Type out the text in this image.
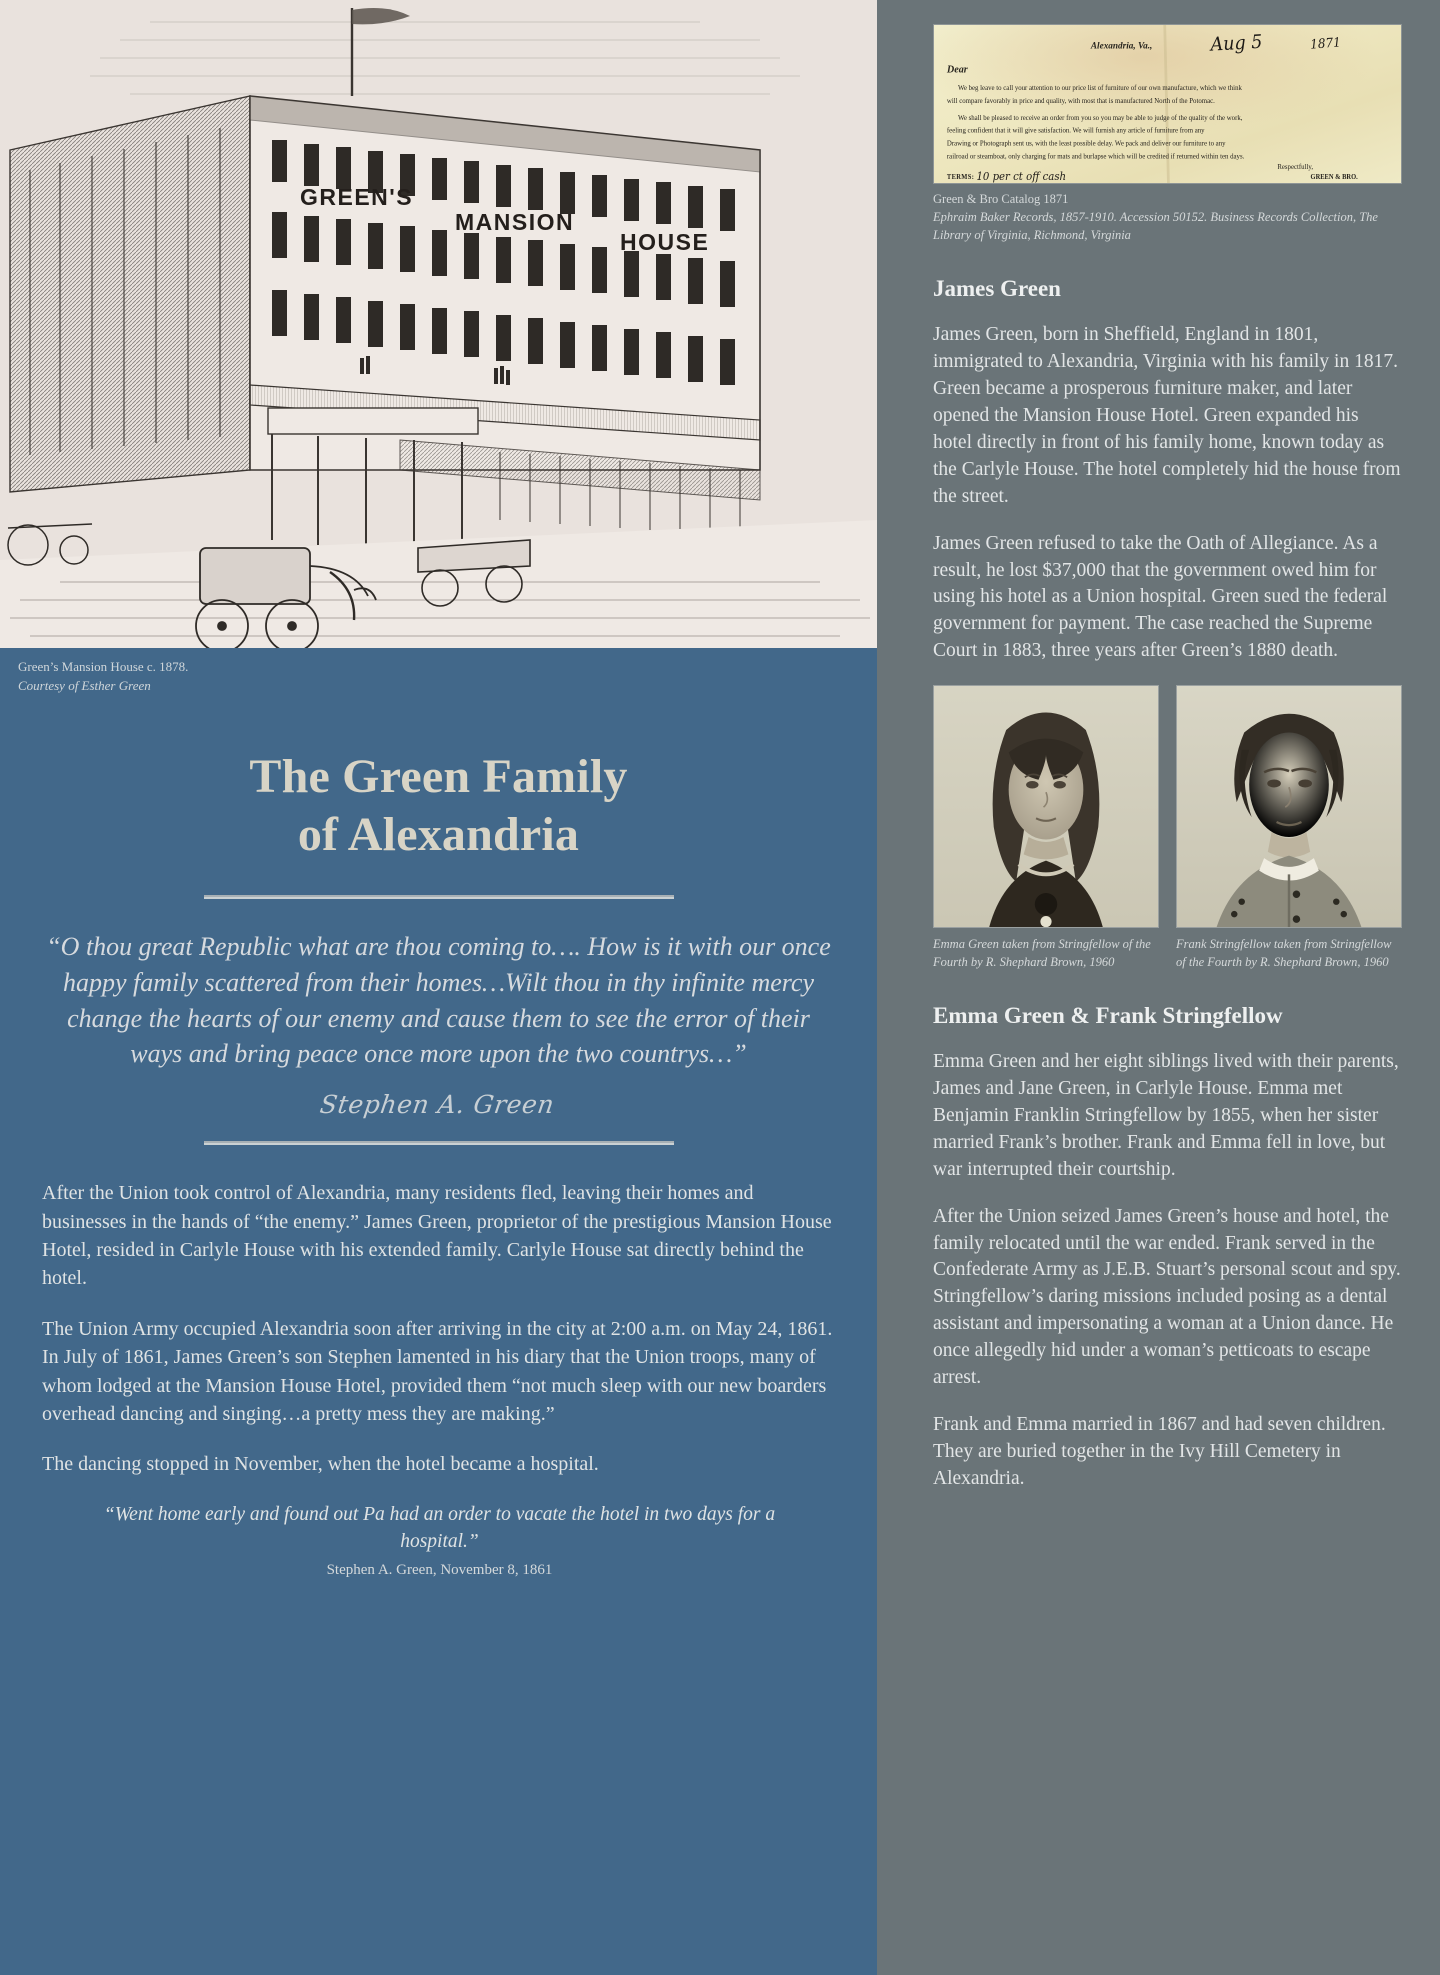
GREEN'S
MANSION
HOUSE
Green’s Mansion House c. 1878.
Courtesy of Esther Green
The Green Family
of Alexandria
“O thou great Republic what are thou coming to…. How is it with our once happy family scattered from their homes…Wilt thou in thy infinite mercy change the hearts of our enemy and cause them to see the error of their ways and bring peace once more upon the two countrys…”
Stephen A. Green

After the Union took control of Alexandria, many residents fled, leaving their homes and businesses in the hands of “the enemy.” James Green, proprietor of the prestigious Mansion House Hotel, resided in Carlyle House with his extended family. Carlyle House sat directly behind the hotel.

The Union Army occupied Alexandria soon after arriving in the city at 2:00 a.m. on May 24, 1861. In July of 1861, James Green’s son Stephen lamented in his diary that the Union troops, many of whom lodged at the Mansion House Hotel, provided them “not much sleep with our new boarders overhead dancing and singing…a pretty mess they are making.”

The dancing stopped in November, when the hotel became a hospital.

“Went home early and found out Pa had an order to vacate the hotel in two days for a hospital.”
Stephen A. Green, November 8, 1861
Alexandria, Va.,	Aug 5	1871
Dear
We beg leave to call your attention to our price list of furniture of our own manufacture, which we think
will compare favorably in price and quality, with most that is manufactured North of the Potomac.
We shall be pleased to receive an order from you so you may be able to judge of the quality of the work,
feeling confident that it will give satisfaction. We will furnish any article of furniture from any
Drawing or Photograph sent us, with the least possible delay. We pack and deliver our furniture to any
railroad or steamboat, only charging for mats and burlapse which will be credited if returned within ten days.
Respectfully,
TERMS: 10 per ct off cash	GREEN & BRO.
Green & Bro Catalog 1871
Ephraim Baker Records, 1857-1910. Accession 50152. Business Records Collection, The Library of Virginia, Richmond, Virginia
James Green

James Green, born in Sheffield, England in 1801, immigrated to Alexandria, Virginia with his family in 1817. Green became a prosperous furniture maker, and later opened the Mansion House Hotel. Green expanded his hotel directly in front of his family home, known today as the Carlyle House. The hotel completely hid the house from the street.

James Green refused to take the Oath of Allegiance. As a result, he lost $37,000 that the government owed him for using his hotel as a Union hospital. Green sued the federal government for payment. The case reached the Supreme Court in 1883, three years after Green’s 1880 death.

Emma Green taken from Stringfellow of the Fourth by R. Shephard Brown, 1960
Frank Stringfellow taken from Stringfellow of the Fourth by R. Shephard Brown, 1960
Emma Green & Frank Stringfellow

Emma Green and her eight siblings lived with their parents, James and Jane Green, in Carlyle House. Emma met Benjamin Franklin Stringfellow by 1855, when her sister married Frank’s brother. Frank and Emma fell in love, but war interrupted their courtship.

After the Union seized James Green’s house and hotel, the family relocated until the war ended. Frank served in the Confederate Army as J.E.B. Stuart’s personal scout and spy. Stringfellow’s daring missions included posing as a dental assistant and impersonating a woman at a Union dance. He once allegedly hid under a woman’s petticoats to escape arrest.

Frank and Emma married in 1867 and had seven children. They are buried together in the Ivy Hill Cemetery in Alexandria.
